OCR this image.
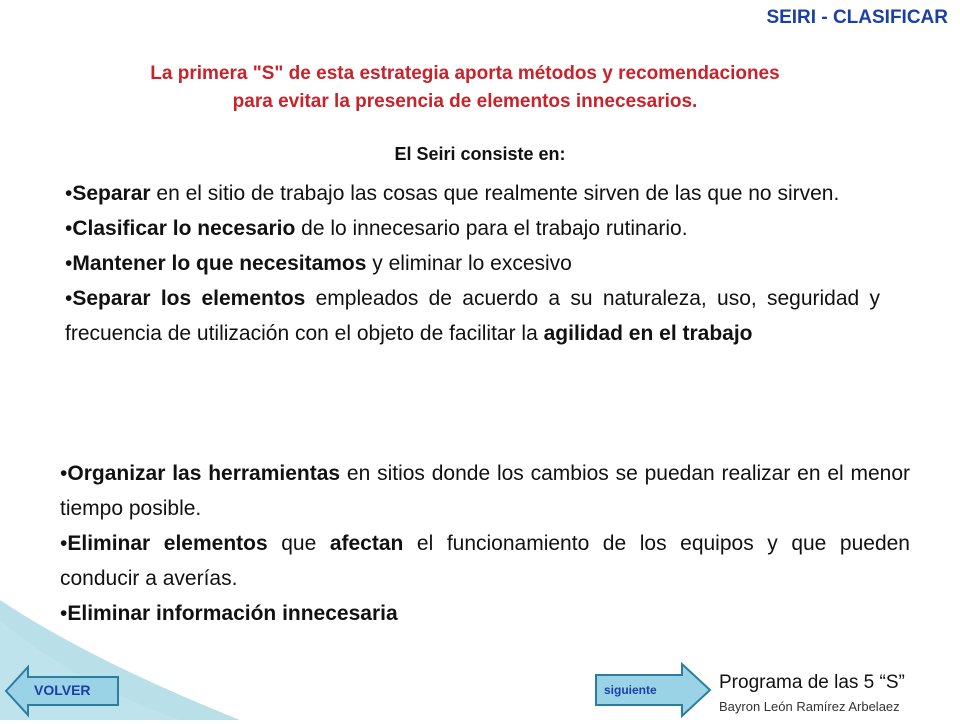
SEIRI - CLASIFICAR
La primera "S" de esta estrategia aporta métodos y recomendaciones
para evitar la presencia de elementos innecesarios.
El Seiri consiste en:
•Separar en el sitio de trabajo las cosas que realmente sirven de las que no sirven.
•Clasificar lo necesario de lo innecesario para el trabajo rutinario.
•Mantener lo que necesitamos y eliminar lo excesivo
•Separar los elementos empleados de acuerdo a su naturaleza, uso, seguridad y frecuencia de utilización con el objeto de facilitar la agilidad en el trabajo
•Organizar las herramientas en sitios donde los cambios se puedan realizar en el menor tiempo posible.
•Eliminar elementos que afectan el funcionamiento de los equipos y que pueden conducir a averías.
•Eliminar información innecesaria
VOLVER	siguiente	Programa de las 5 “S”
Bayron León Ramírez Arbelaez
